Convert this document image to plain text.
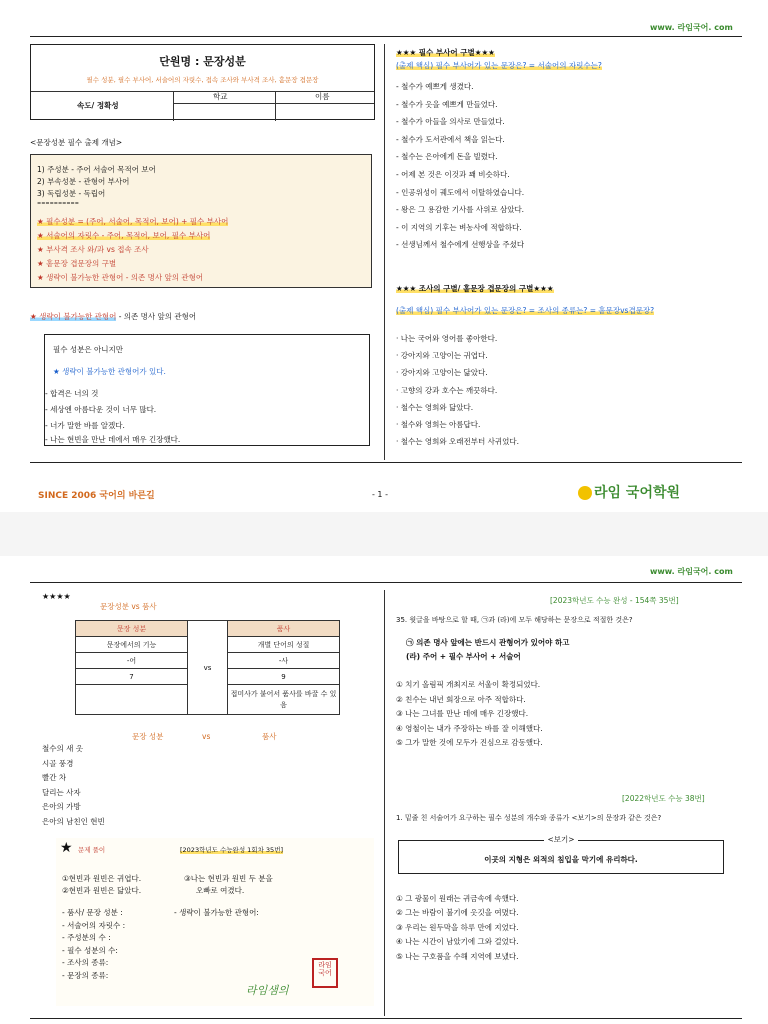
www. 라임국어. com
단원명 : 문장성분
필수 성분, 필수 부사어, 서술어의 자릿수, 접속 조사와 부사격 조사, 홑문장 겹문장
속도/ 정확성
학교	이름
<문장성분 필수 출제 개념>
1) 주성분 - 주어 서술어 목적어 보어
2) 부속성분 - 관형어 부사어
3) 독립성분 - 독립어
==========
★ 필수성분 = (주어, 서술어, 목적어, 보어) + 필수 부사어
★ 서술어의 자릿수 - 주어, 목적어, 보어, 필수 부사어
★ 부사격 조사 와/과 vs 접속 조사
★ 홑문장 겹문장의 구별
★ 생략이 불가능한 관형어 - 의존 명사 앞의 관형어
★ 생략이 불가능한 관형어 - 의존 명사 앞의 관형어
필수 성분은 아니지만
★ 생략이 불가능한 관형어가 있다.
- 합격은 너의 것
- 세상엔 아름다운 것이 너무 많다.
- 너가 말한 바를 알겠다.
- 나는 현빈을 만난 데에서 매우 긴장했다.
★★★ 필수 부사어 구별★★★
(출제 핵심) 필수 부사어가 있는 문장은? = 서술어의 자릿수는?
- 철수가 예쁘게 생겼다.
- 철수가 옷을 예쁘게 만들었다.
- 철수가 아들을 의사로 만들었다.
- 철수가 도서관에서 책을 읽는다.
- 철수는 은아에게 돈을 빌렸다.
- 어제 본 것은 이것과 꽤 비슷하다.
- 인공위성이 궤도에서 이탈하였습니다.
- 왕은 그 용감한 기사를 사위로 삼았다.
- 이 지역의 기후는 벼농사에 적합하다.
- 선생님께서 철수에게 선행상을 주셨다
★★★ 조사의 구별/ 홑문장 겹문장의 구별★★★
(출제 핵심) 필수 부사어가 있는 문장은? = 조사의 종류는? = 홑문장vs겹문장?
· 나는 국어와 영어를 좋아한다.
· 강아지와 고양이는 귀엽다.
· 강아지와 고양이는 닮았다.
· 고향의 강과 호수는 깨끗하다.
· 철수는 영희와 닮았다.
· 철수와 영희는 아름답다.
· 철수는 영희와 오래전부터 사귀었다.
SINCE 2006 국어의 바른길	- 1 -	라임 국어학원
www. 라임국어. com
★★★★
문장성분 vs 품사
문장 성분	vs	품사
문장에서의 기능		개별 단어의 성질
-어		-사
7		9
		접미사가 붙어서 품사를 바꿀 수 있음
문장 성분	vs	품사
철수의 새 옷
시골 풍경
빨간 차
달리는 사자
은아의 가방
은아의 남친인 현빈
★ 문제 풀이	[2023학년도 수능완성 1회차 35번]
①현빈과 원빈은 귀엽다.
②현빈과 원빈은 닮았다.
③나는 현빈과 원빈 두 분을
오빠로 여겼다.
- 품사/ 문장 성분 :
- 서술어의 자릿수 :
- 주성분의 수 :
- 필수 성분의 수:
- 조사의 종류:
- 문장의 종류:
- 생략이 불가능한 관형어:
라임 국어
라임샘의
[2023학년도 수능 완성 - 154쪽 35번]
35. 윗글을 바탕으로 할 때, ㉠과 (라)에 모두 해당하는 문장으로 적절한 것은?
㉠ 의존 명사 앞에는 반드시 관형어가 있어야 하고
(라) 주어 + 필수 부사어 + 서술어
① 치기 올림픽 개최지로 서울이 확정되었다.
② 친수는 내년 회장으로 아주 적합하다.
③ 나는 그녀를 만난 데에 매우 긴장했다.
④ 영철이는 내가 주장하는 바를 잘 이해했다.
⑤ 그가 말한 것에 모두가 진심으로 감동했다.
[2022학년도 수능 38번]
1. 밑줄 친 서술어가 요구하는 필수 성분의 개수와 종류가 <보기>의 문장과 같은 것은?
<보기>
이곳의 지형은 외적의 침입을 막기에 유리하다.
① 그 광물이 원래는 귀금속에 속했다.
② 그는 바람이 불기에 옷깃을 여몄다.
③ 우리는 원두막을 하루 만에 지었다.
④ 나는 시간이 남았기에 그와 걸었다.
⑤ 나는 구호품을 수해 지역에 보냈다.
